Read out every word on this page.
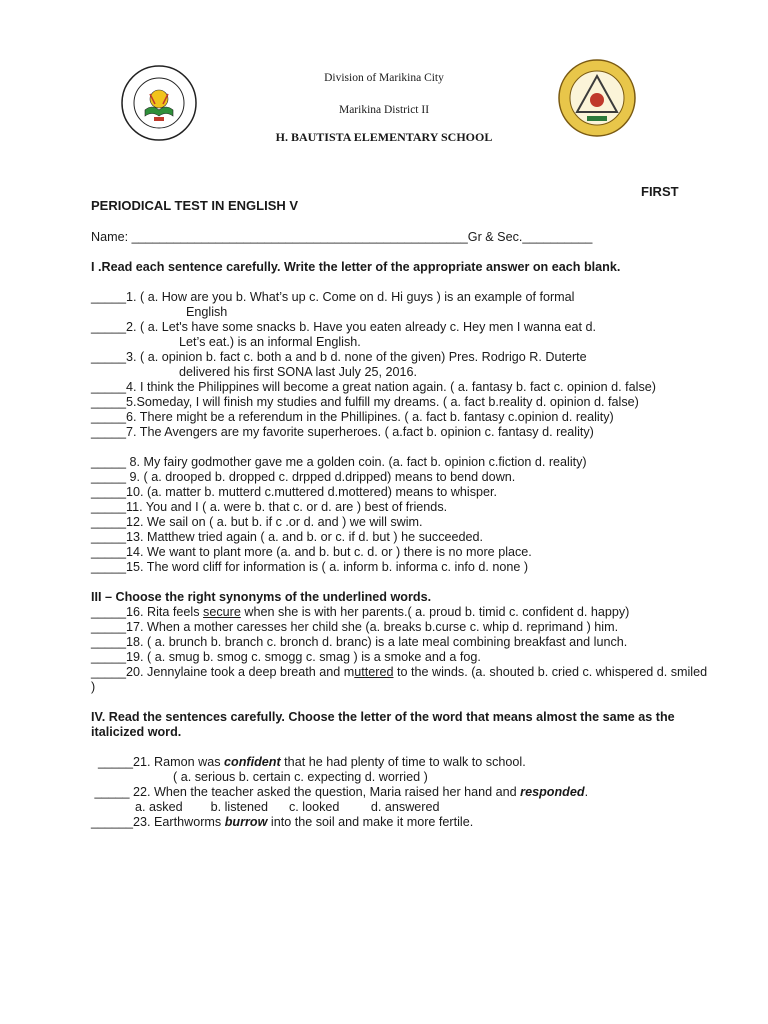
Division of Marikina City
Marikina District II
H. BAUTISTA ELEMENTARY SCHOOL
FIRST
PERIODICAL TEST IN ENGLISH V
Name: ________________________________________________Gr & Sec.__________
I .Read each sentence carefully. Write the letter of the appropriate answer on each blank.
_____1. ( a. How are you b. What’s up c. Come on d. Hi guys ) is an example of formal
English
_____2. ( a. Let's have some snacks b. Have you eaten already c. Hey men I wanna eat d.
Let’s eat.) is an informal English.
_____3. ( a. opinion b. fact c. both a and b d. none of the given) Pres. Rodrigo R. Duterte
delivered his first SONA last July 25, 2016.
_____4. I think the Philippines will become a great nation again. ( a. fantasy b. fact c. opinion d. false)
_____5.Someday, I will finish my studies and fulfill my dreams. ( a. fact b.reality d. opinion d. false)
_____6. There might be a referendum in the Phillipines. ( a. fact b. fantasy c.opinion d. reality)
_____7. The Avengers are my favorite superheroes. ( a.fact b. opinion c. fantasy d. reality)
_____ 8. My fairy godmother gave me a golden coin. (a. fact b. opinion c.fiction d. reality)
_____ 9. ( a. drooped b. dropped c. drpped d.dripped) means to bend down.
_____10. (a. matter b. mutterd c.muttered d.mottered) means to whisper.
_____11. You and I ( a. were b. that c. or d. are ) best of friends.
_____12. We sail on ( a. but b. if c .or d. and ) we will swim.
_____13. Matthew tried again ( a. and b. or c. if d. but ) he succeeded.
_____14. We want to plant more (a. and b. but c. d. or ) there is no more place.
_____15. The word cliff for information is ( a. inform b. informa c. info d. none )
III – Choose the right synonyms of the underlined words.
_____16. Rita feels secure when she is with her parents.( a. proud b. timid c. confident d. happy)
_____17. When a mother caresses her child she (a. breaks b.curse c. whip d. reprimand ) him.
_____18. ( a. brunch b. branch c. bronch d. branc) is a late meal combining breakfast and lunch.
_____19. ( a. smug b. smog c. smogg c. smag ) is a smoke and a fog.
_____20. Jennylaine took a deep breath and muttered to the winds. (a. shouted b. cried c. whispered d. smiled )
IV. Read the sentences carefully. Choose the letter of the word that means almost the same as the italicized word.
_____21. Ramon was confident that he had plenty of time to walk to school.
( a. serious b. certain c. expecting d. worried )
_____ 22. When the teacher asked the question, Maria raised her hand and responded.
a. asked        b. listened      c. looked         d. answered
______23. Earthworms burrow into the soil and make it more fertile.
